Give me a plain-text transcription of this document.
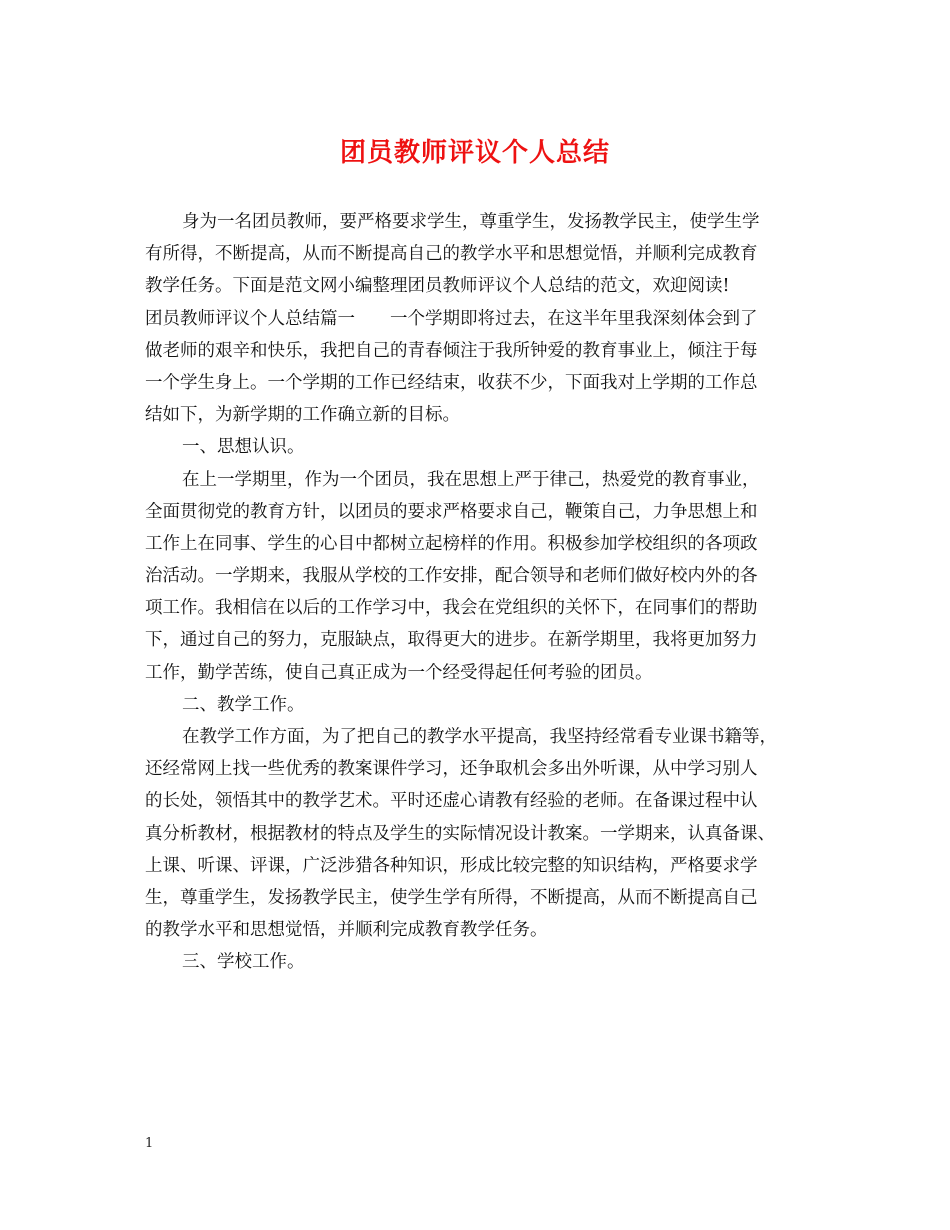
团员教师评议个人总结
身为一名团员教师，要严格要求学生，尊重学生，发扬教学民主，使学生学
有所得，不断提高，从而不断提高自己的教学水平和思想觉悟，并顺利完成教育
教学任务。下面是范文网小编整理团员教师评议个人总结的范文，欢迎阅读!
团员教师评议个人总结篇一　　一个学期即将过去，在这半年里我深刻体会到了
做老师的艰辛和快乐，我把自己的青春倾注于我所钟爱的教育事业上，倾注于每
一个学生身上。一个学期的工作已经结束，收获不少，下面我对上学期的工作总
结如下，为新学期的工作确立新的目标。
一、思想认识。
在上一学期里，作为一个团员，我在思想上严于律己，热爱党的教育事业，
全面贯彻党的教育方针，以团员的要求严格要求自己，鞭策自己，力争思想上和
工作上在同事、学生的心目中都树立起榜样的作用。积极参加学校组织的各项政
治活动。一学期来，我服从学校的工作安排，配合领导和老师们做好校内外的各
项工作。我相信在以后的工作学习中，我会在党组织的关怀下，在同事们的帮助
下，通过自己的努力，克服缺点，取得更大的进步。在新学期里，我将更加努力
工作，勤学苦练，使自己真正成为一个经受得起任何考验的团员。
二、教学工作。
在教学工作方面，为了把自己的教学水平提高，我坚持经常看专业课书籍等，
还经常网上找一些优秀的教案课件学习，还争取机会多出外听课，从中学习别人
的长处，领悟其中的教学艺术。平时还虚心请教有经验的老师。在备课过程中认
真分析教材，根据教材的特点及学生的实际情况设计教案。一学期来，认真备课、
上课、听课、评课，广泛涉猎各种知识，形成比较完整的知识结构，严格要求学
生，尊重学生，发扬教学民主，使学生学有所得，不断提高，从而不断提高自己
的教学水平和思想觉悟，并顺利完成教育教学任务。
三、学校工作。
1
